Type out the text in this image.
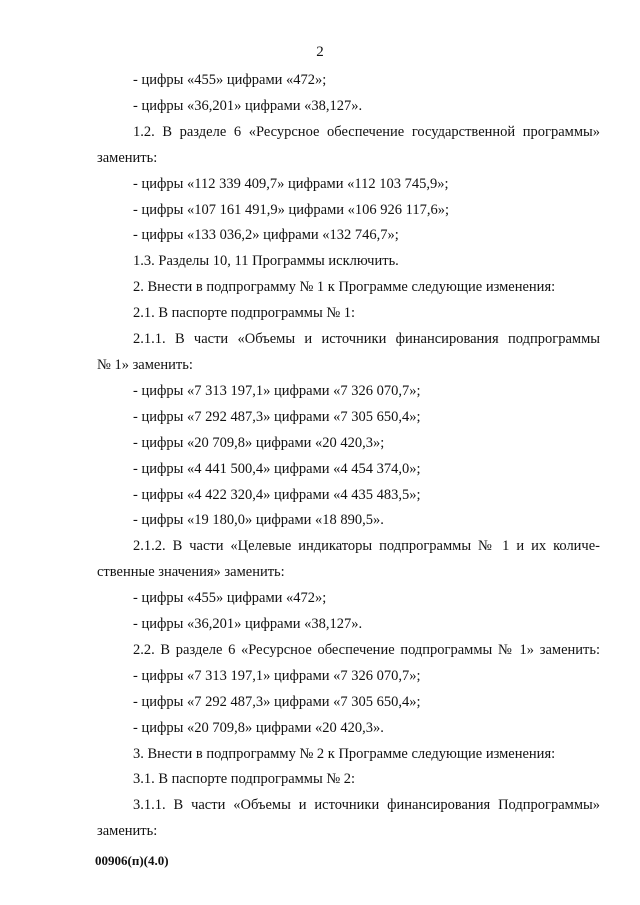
2

- цифры «455» цифрами «472»;

- цифры «36,201» цифрами «38,127».

1.2. В разделе 6 «Ресурсное обеспечение государственной программы»

заменить:

- цифры «112 339 409,7» цифрами «112 103 745,9»;

- цифры «107 161 491,9» цифрами «106 926 117,6»;

- цифры «133 036,2» цифрами «132 746,7»;

1.3. Разделы 10, 11 Программы исключить.

2. Внести в подпрограмму № 1 к Программе следующие изменения:

2.1. В паспорте подпрограммы № 1:

2.1.1. В части «Объемы и источники финансирования подпрограммы

№ 1» заменить:

- цифры «7 313 197,1» цифрами «7 326 070,7»;

- цифры «7 292 487,3» цифрами «7 305 650,4»;

- цифры «20 709,8» цифрами «20 420,3»;

- цифры «4 441 500,4» цифрами «4 454 374,0»;

- цифры «4 422 320,4» цифрами «4 435 483,5»;

- цифры «19 180,0» цифрами «18 890,5».

2.1.2. В части «Целевые индикаторы подпрограммы № 1 и их количе-

ственные значения» заменить:

- цифры «455» цифрами «472»;

- цифры «36,201» цифрами «38,127».

2.2. В разделе 6 «Ресурсное обеспечение подпрограммы № 1» заменить:

- цифры «7 313 197,1» цифрами «7 326 070,7»;

- цифры «7 292 487,3» цифрами «7 305 650,4»;

- цифры «20 709,8» цифрами «20 420,3».

3. Внести в подпрограмму № 2 к Программе следующие изменения:

3.1. В паспорте подпрограммы № 2:

3.1.1. В части «Объемы и источники финансирования Подпрограммы»

заменить:

00906(п)(4.0)
